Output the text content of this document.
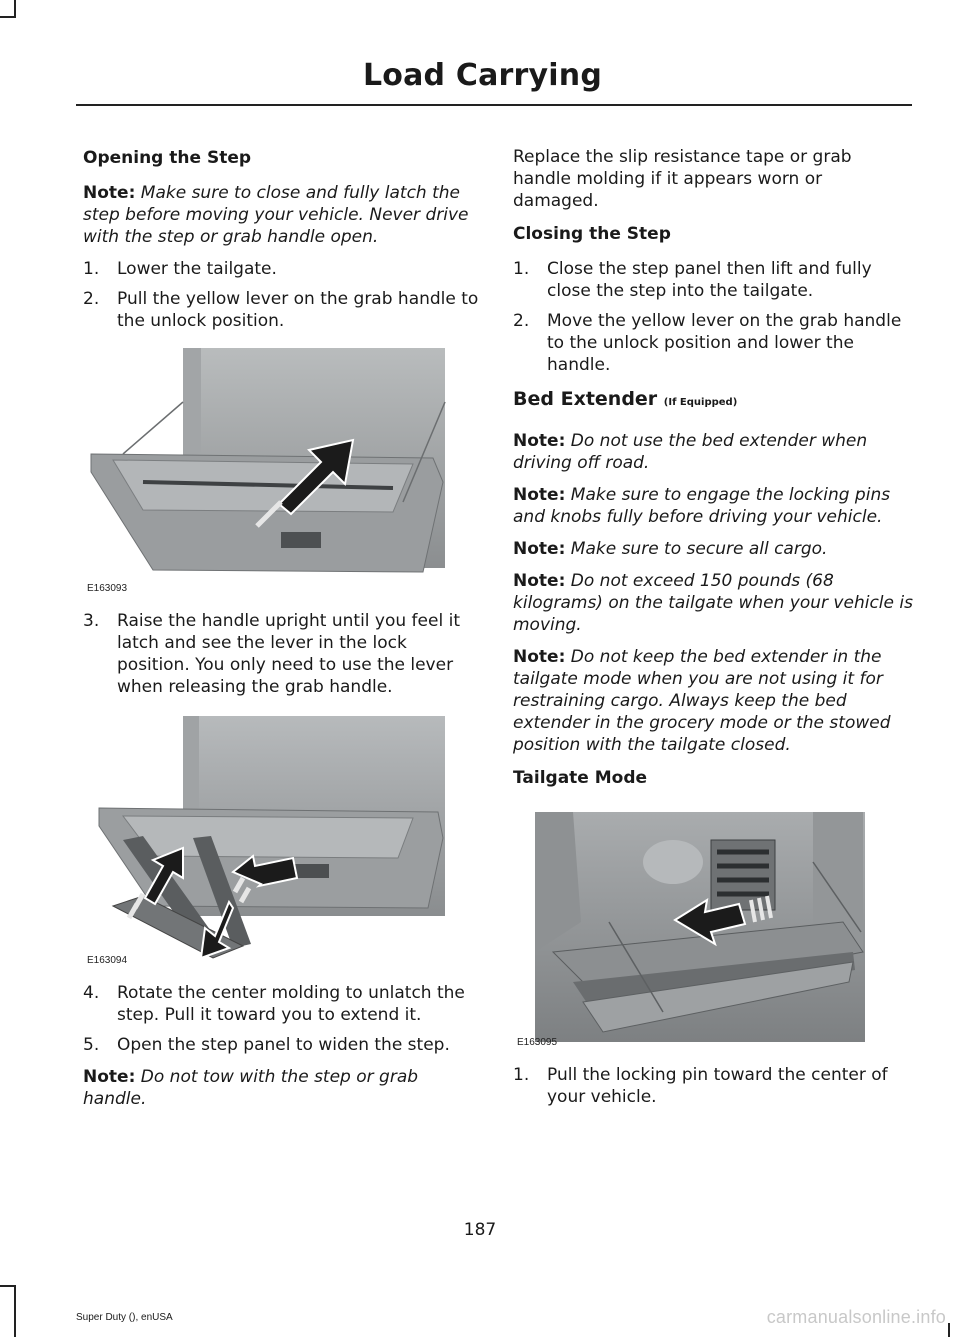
Load Carrying
Opening the Step

Note: Make sure to close and fully latch the step before moving your vehicle. Never drive with the step or grab handle open.

1. Lower the tailgate.
2. Pull the yellow lever on the grab handle to the unlock position.
E163093
3. Raise the handle upright until you feel it latch and see the lever in the lock position. You only need to use the lever when releasing the grab handle.
E163094
4. Rotate the center molding to unlatch the step. Pull it toward you to extend it.
5. Open the step panel to widen the step.

Note: Do not tow with the step or grab handle.

Replace the slip resistance tape or grab handle molding if it appears worn or damaged.

Closing the Step
1. Close the step panel then lift and fully close the step into the tailgate.
2. Move the yellow lever on the grab handle to the unlock position and lower the handle.
Bed Extender (If Equipped)

Note: Do not use the bed extender when driving off road.

Note: Make sure to engage the locking pins and knobs fully before driving your vehicle.

Note: Make sure to secure all cargo.

Note: Do not exceed 150 pounds (68 kilograms) on the tailgate when your vehicle is moving.

Note: Do not keep the bed extender in the tailgate mode when you are not using it for restraining cargo. Always keep the bed extender in the grocery mode or the stowed position with the tailgate closed.

Tailgate Mode
E163095
1. Pull the locking pin toward the center of your vehicle.
187
Super Duty (), enUSA	carmanualsonline.info
